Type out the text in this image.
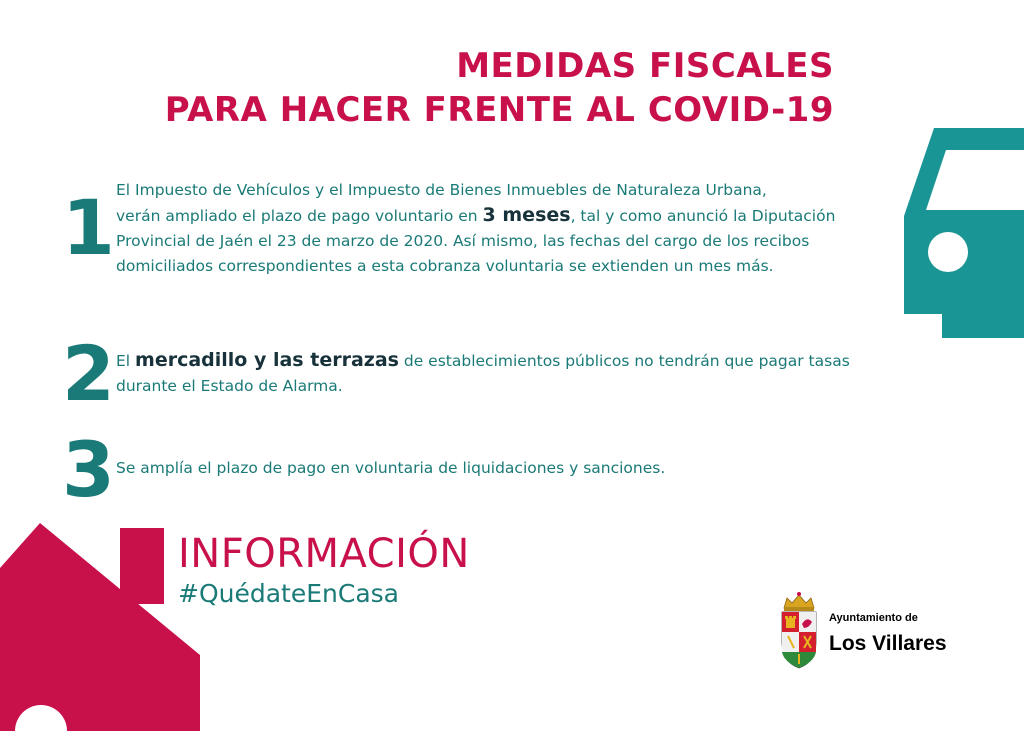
MEDIDAS FISCALES
PARA HACER FRENTE AL COVID-19
1 El Impuesto de Vehículos y el Impuesto de Bienes Inmuebles de Naturaleza Urbana,
verán ampliado el plazo de pago voluntario en 3 meses, tal y como anunció la Diputación
Provincial de Jaén el 23 de marzo de 2020. Así mismo, las fechas del cargo de los recibos
domiciliados correspondientes a esta cobranza voluntaria se extienden un mes más.
2 El mercadillo y las terrazas de establecimientos públicos no tendrán que pagar tasas
durante el Estado de Alarma.
3 Se amplía el plazo de pago en voluntaria de liquidaciones y sanciones.
INFORMACIÓN
#QuédateEnCasa
Ayuntamiento de
Los Villares
